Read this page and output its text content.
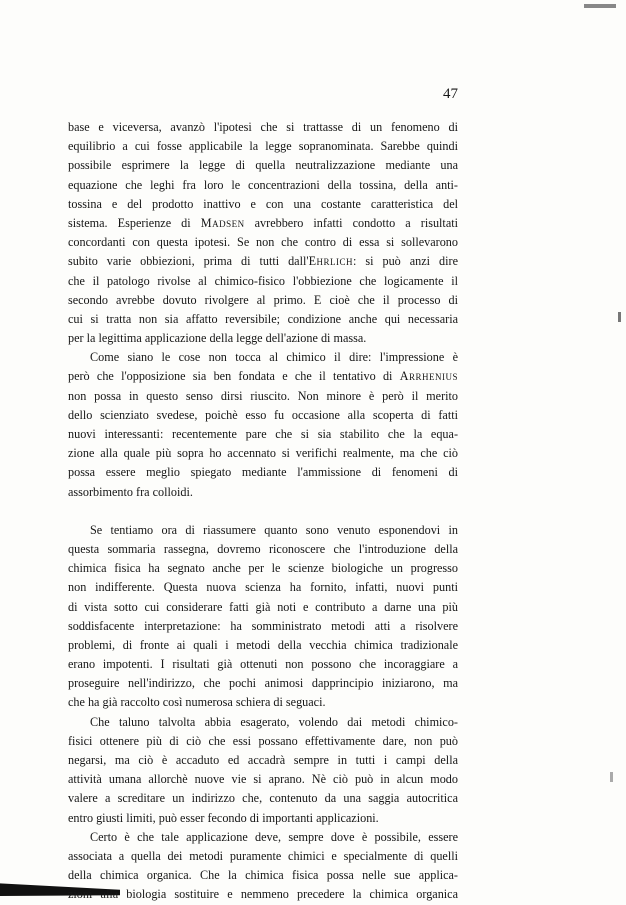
47

base e viceversa, avanzò l'ipotesi che si trattasse di un fenomeno di
equilibrio a cui fosse applicabile la legge sopranominata. Sarebbe quindi
possibile esprimere la legge di quella neutralizzazione mediante una
equazione che leghi fra loro le concentrazioni della tossina, della anti-
tossina e del prodotto inattivo e con una costante caratteristica del
sistema. Esperienze di Madsen avrebbero infatti condotto a risultati
concordanti con questa ipotesi. Se non che contro di essa si sollevarono
subito varie obbiezioni, prima di tutti dall'Ehrlich: si può anzi dire
che il patologo rivolse al chimico-fisico l'obbiezione che logicamente il
secondo avrebbe dovuto rivolgere al primo. E cioè che il processo di
cui si tratta non sia affatto reversibile; condizione anche qui necessaria
per la legittima applicazione della legge dell'azione di massa.
Come siano le cose non tocca al chimico il dire: l'impressione è
però che l'opposizione sia ben fondata e che il tentativo di Arrhenius
non possa in questo senso dirsi riuscito. Non minore è però il merito
dello scienziato svedese, poichè esso fu occasione alla scoperta di fatti
nuovi interessanti: recentemente pare che si sia stabilito che la equa-
zione alla quale più sopra ho accennato si verifichi realmente, ma che ciò
possa essere meglio spiegato mediante l'ammissione di fenomeni di
assorbimento fra colloidi.
Se tentiamo ora di riassumere quanto sono venuto esponendovi in
questa sommaria rassegna, dovremo riconoscere che l'introduzione della
chimica fisica ha segnato anche per le scienze biologiche un progresso
non indifferente. Questa nuova scienza ha fornito, infatti, nuovi punti
di vista sotto cui considerare fatti già noti e contributo a darne una più
soddisfacente interpretazione: ha somministrato metodi atti a risolvere
problemi, di fronte ai quali i metodi della vecchia chimica tradizionale
erano impotenti. I risultati già ottenuti non possono che incoraggiare a
proseguire nell'indirizzo, che pochi animosi dapprincipio iniziarono, ma
che ha già raccolto così numerosa schiera di seguaci.
Che taluno talvolta abbia esagerato, volendo dai metodi chimico-
fisici ottenere più di ciò che essi possano effettivamente dare, non può
negarsi, ma ciò è accaduto ed accadrà sempre in tutti i campi della
attività umana allorchè nuove vie si aprano. Nè ciò può in alcun modo
valere a screditare un indirizzo che, contenuto da una saggia autocritica
entro giusti limiti, può esser fecondo di importanti applicazioni.
Certo è che tale applicazione deve, sempre dove è possibile, essere
associata a quella dei metodi puramente chimici e specialmente di quelli
della chimica organica. Che la chimica fisica possa nelle sue applica-
zioni alla biologia sostituire e nemmeno precedere la chimica organica
